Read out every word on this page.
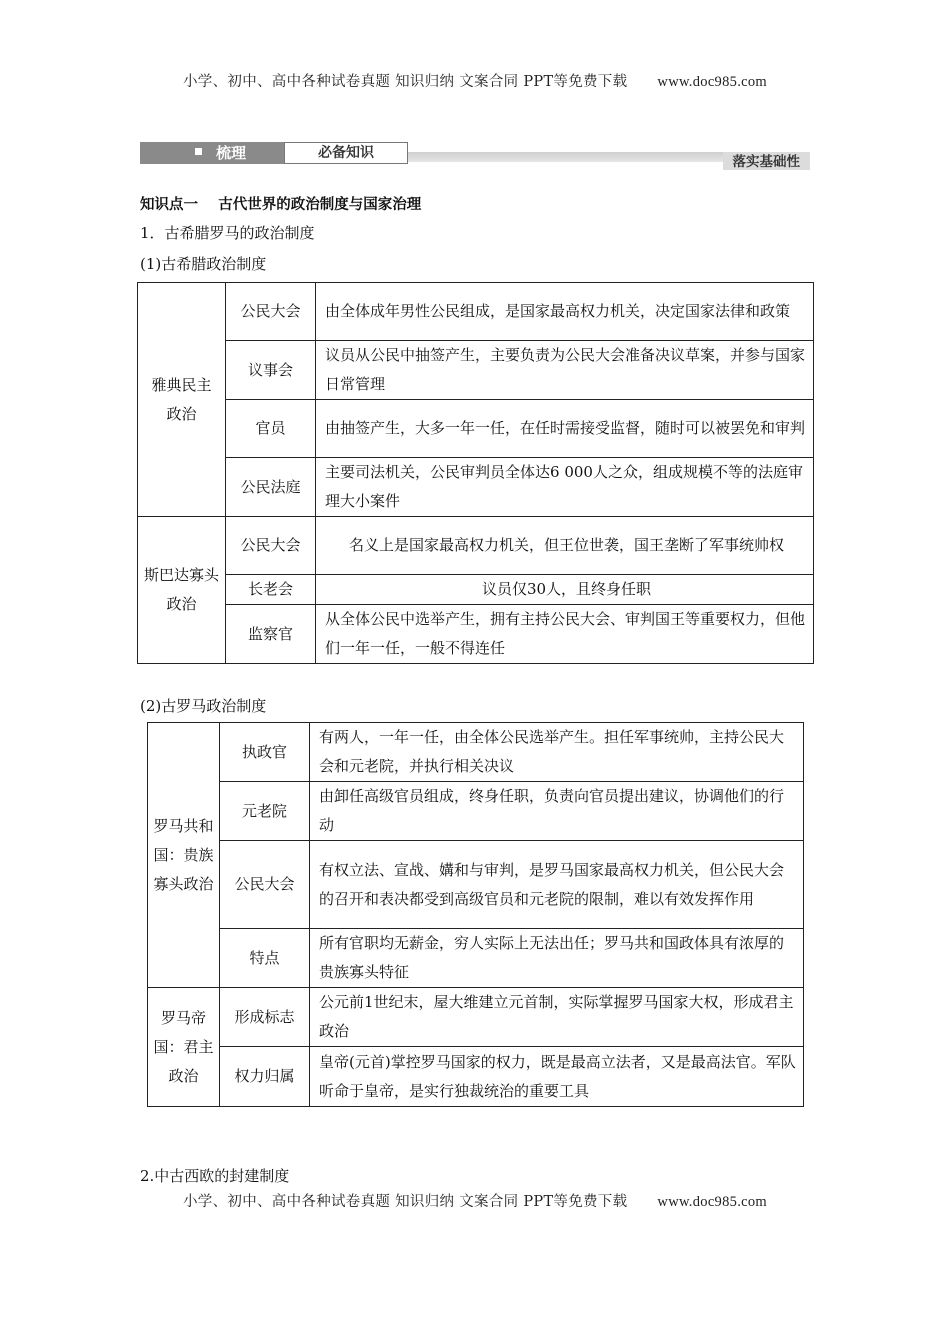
小学、初中、高中各种试卷真题 知识归纳 文案合同 PPT等免费下载 www.doc985.com
梳理	必备知识
落实基础性
知识点一    古代世界的政治制度与国家治理
1．古希腊罗马的政治制度
(1)古希腊政治制度
雅典民主政治	公民大会	由全体成年男性公民组成，是国家最高权力机关，决定国家法律和政策
	议事会	议员从公民中抽签产生，主要负责为公民大会准备决议草案，并参与国家日常管理
	官员	由抽签产生，大多一年一任，在任时需接受监督，随时可以被罢免和审判
	公民法庭	主要司法机关，公民审判员全体达6 000人之众，组成规模不等的法庭审理大小案件

斯巴达寡头政治	公民大会	名义上是国家最高权力机关，但王位世袭，国王垄断了军事统帅权
	长老会	议员仅30人，且终身任职
	监察官	从全体公民中选举产生，拥有主持公民大会、审判国王等重要权力，但他们一年一任，一般不得连任
(2)古罗马政治制度
罗马共和国：贵族寡头政治	执政官	有两人，一年一任，由全体公民选举产生。担任军事统帅，主持公民大会和元老院，并执行相关决议
	元老院	由卸任高级官员组成，终身任职，负责向官员提出建议，协调他们的行动
	公民大会	有权立法、宣战、媾和与审判，是罗马国家最高权力机关，但公民大会的召开和表决都受到高级官员和元老院的限制，难以有效发挥作用
	特点	所有官职均无薪金，穷人实际上无法出任；罗马共和国政体具有浓厚的贵族寡头特征

罗马帝国：君主政治	形成标志	公元前1世纪末，屋大维建立元首制，实际掌握罗马国家大权，形成君主政治
	权力归属	皇帝(元首)掌控罗马国家的权力，既是最高立法者，又是最高法官。军队听命于皇帝，是实行独裁统治的重要工具
2.中古西欧的封建制度
小学、初中、高中各种试卷真题 知识归纳 文案合同 PPT等免费下载 www.doc985.com
